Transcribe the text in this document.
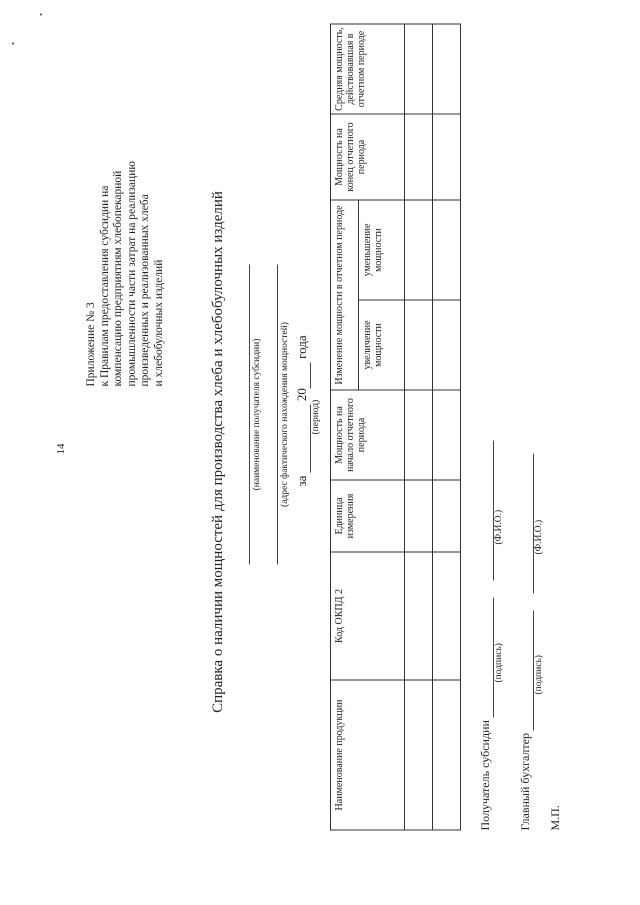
14
Приложение № 3 к Правилам предоставления субсидии на компенсацию предприятиям хлебопекарной промышленности части затрат на реализацию произведенных и реализованных хлеба и хлебобулочных изделий	Справка о наличии мощностей для производства хлеба и хлебобулочных изделий	(наименование получателя субсидии) (адрес фактического нахождения мощностей) за   20  года
(период)
Наименование продукции	Код ОКПД 2	Единица измерения	Мощность на начало отчетного периода	Изменение мощности в отчетном периоде		Мощность на конец отчетного периода	Средняя мощность, действовавшая в отчетном периоде
				увеличение мощности	уменьшение мощности		

Получатель субсидии
(подпись)
(Ф.И.О.)
Главный бухгалтер
(подпись)
(Ф.И.О.)
М.П.
